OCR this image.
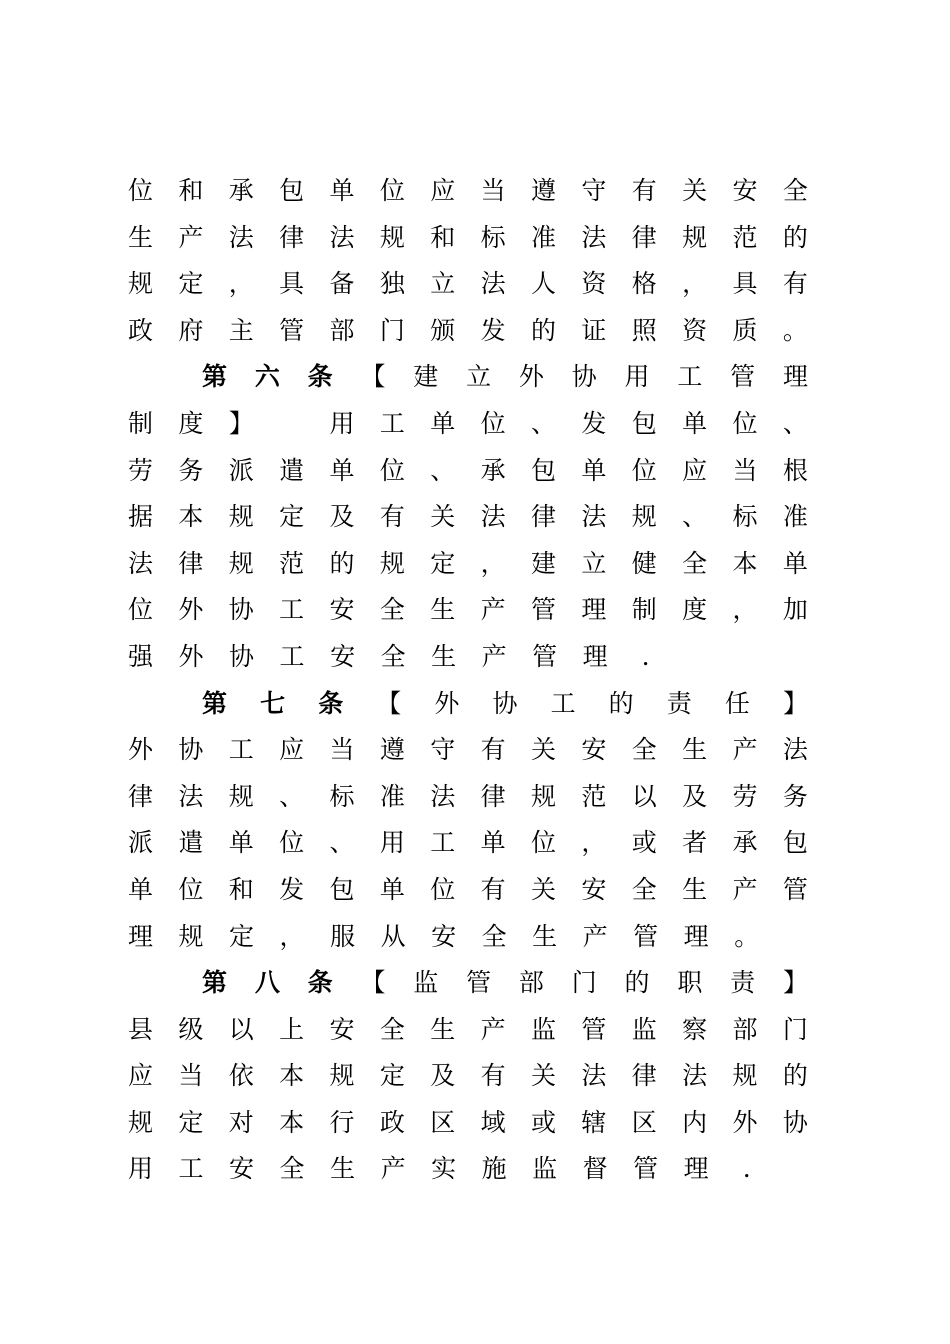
位 和 承 包 单 位 应 当 遵 守 有 关 安 全
生 产 法 律 法 规 和 标 准 法 律 规 范 的
规 定 ， 具 备 独 立 法 人 资 格 ， 具 有
政 府 主 管 部 门 颁 发 的 证 照 资 质 。
第 六 条 【 建 立 外 协 用 工 管 理
制 度 】
　	用 工 单 位 、 发 包 单 位 、
劳 务 派 遣 单 位 、 承 包 单 位 应 当 根
据 本 规 定 及 有 关 法 律 法 规 、 标 准
法 律 规 范 的 规 定 ， 建 立 健 全 本 单
位 外 协 工 安 全 生 产 管 理 制 度 ， 加
强 外 协 工 安 全 生 产 管 理	.
第 七 条 【 外 协 工 的 责 任 】
外 协 工 应 当 遵 守 有 关 安 全 生 产 法
律 法 规 、 标 准 法 律 规 范 以 及 劳 务
派 遣 单 位 、 用 工 单 位 ， 或 者 承 包
单 位 和 发 包 单 位 有 关 安 全 生 产 管
理 规 定 ， 服 从 安 全 生 产 管 理 。
第 八 条 【 监 管 部 门 的 职 责 】
县 级 以 上 安 全 生 产 监 管 监 察 部 门
应 当 依 本 规 定 及 有 关 法 律 法 规 的
规 定 对 本 行 政 区 域 或 辖 区 内 外 协
用 工 安 全 生 产 实 施 监 督 管 理	.
